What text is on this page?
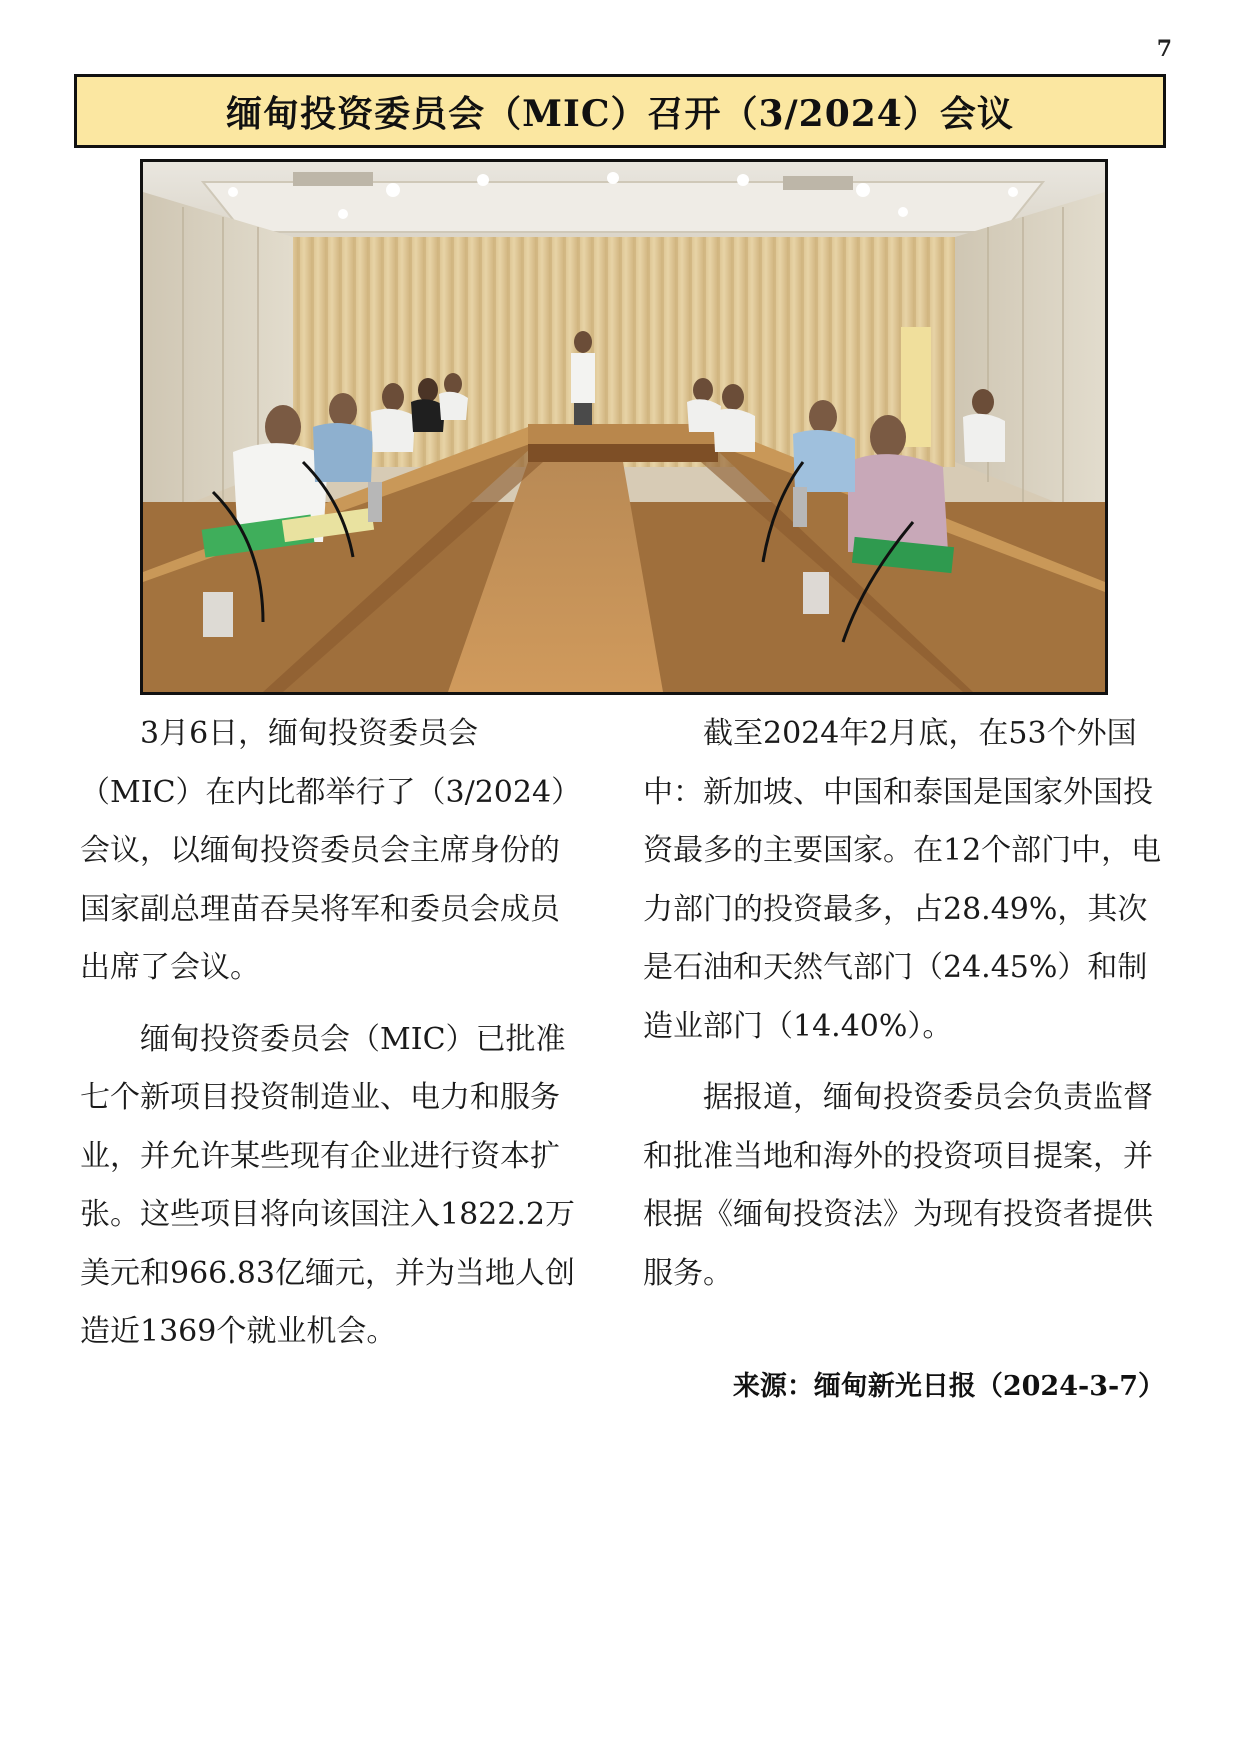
7
缅甸投资委员会（MIC）召开（3/2024）会议

3月6日，缅甸投资委员会（MIC）在内比都举行了（3/2024）会议，以缅甸投资委员会主席身份的国家副总理苗吞吴将军和委员会成员出席了会议。

缅甸投资委员会（MIC）已批准七个新项目投资制造业、电力和服务业，并允许某些现有企业进行资本扩张。这些项目将向该国注入1822.2万美元和966.83亿缅元，并为当地人创造近1369个就业机会。

截至2024年2月底，在53个外国中：新加坡、中国和泰国是国家外国投资最多的主要国家。在12个部门中，电力部门的投资最多，占28.49%，其次是石油和天然气部门（24.45%）和制造业部门（14.40%）。

据报道，缅甸投资委员会负责监督和批准当地和海外的投资项目提案，并根据《缅甸投资法》为现有投资者提供服务。

来源：缅甸新光日报（2024-3-7）
